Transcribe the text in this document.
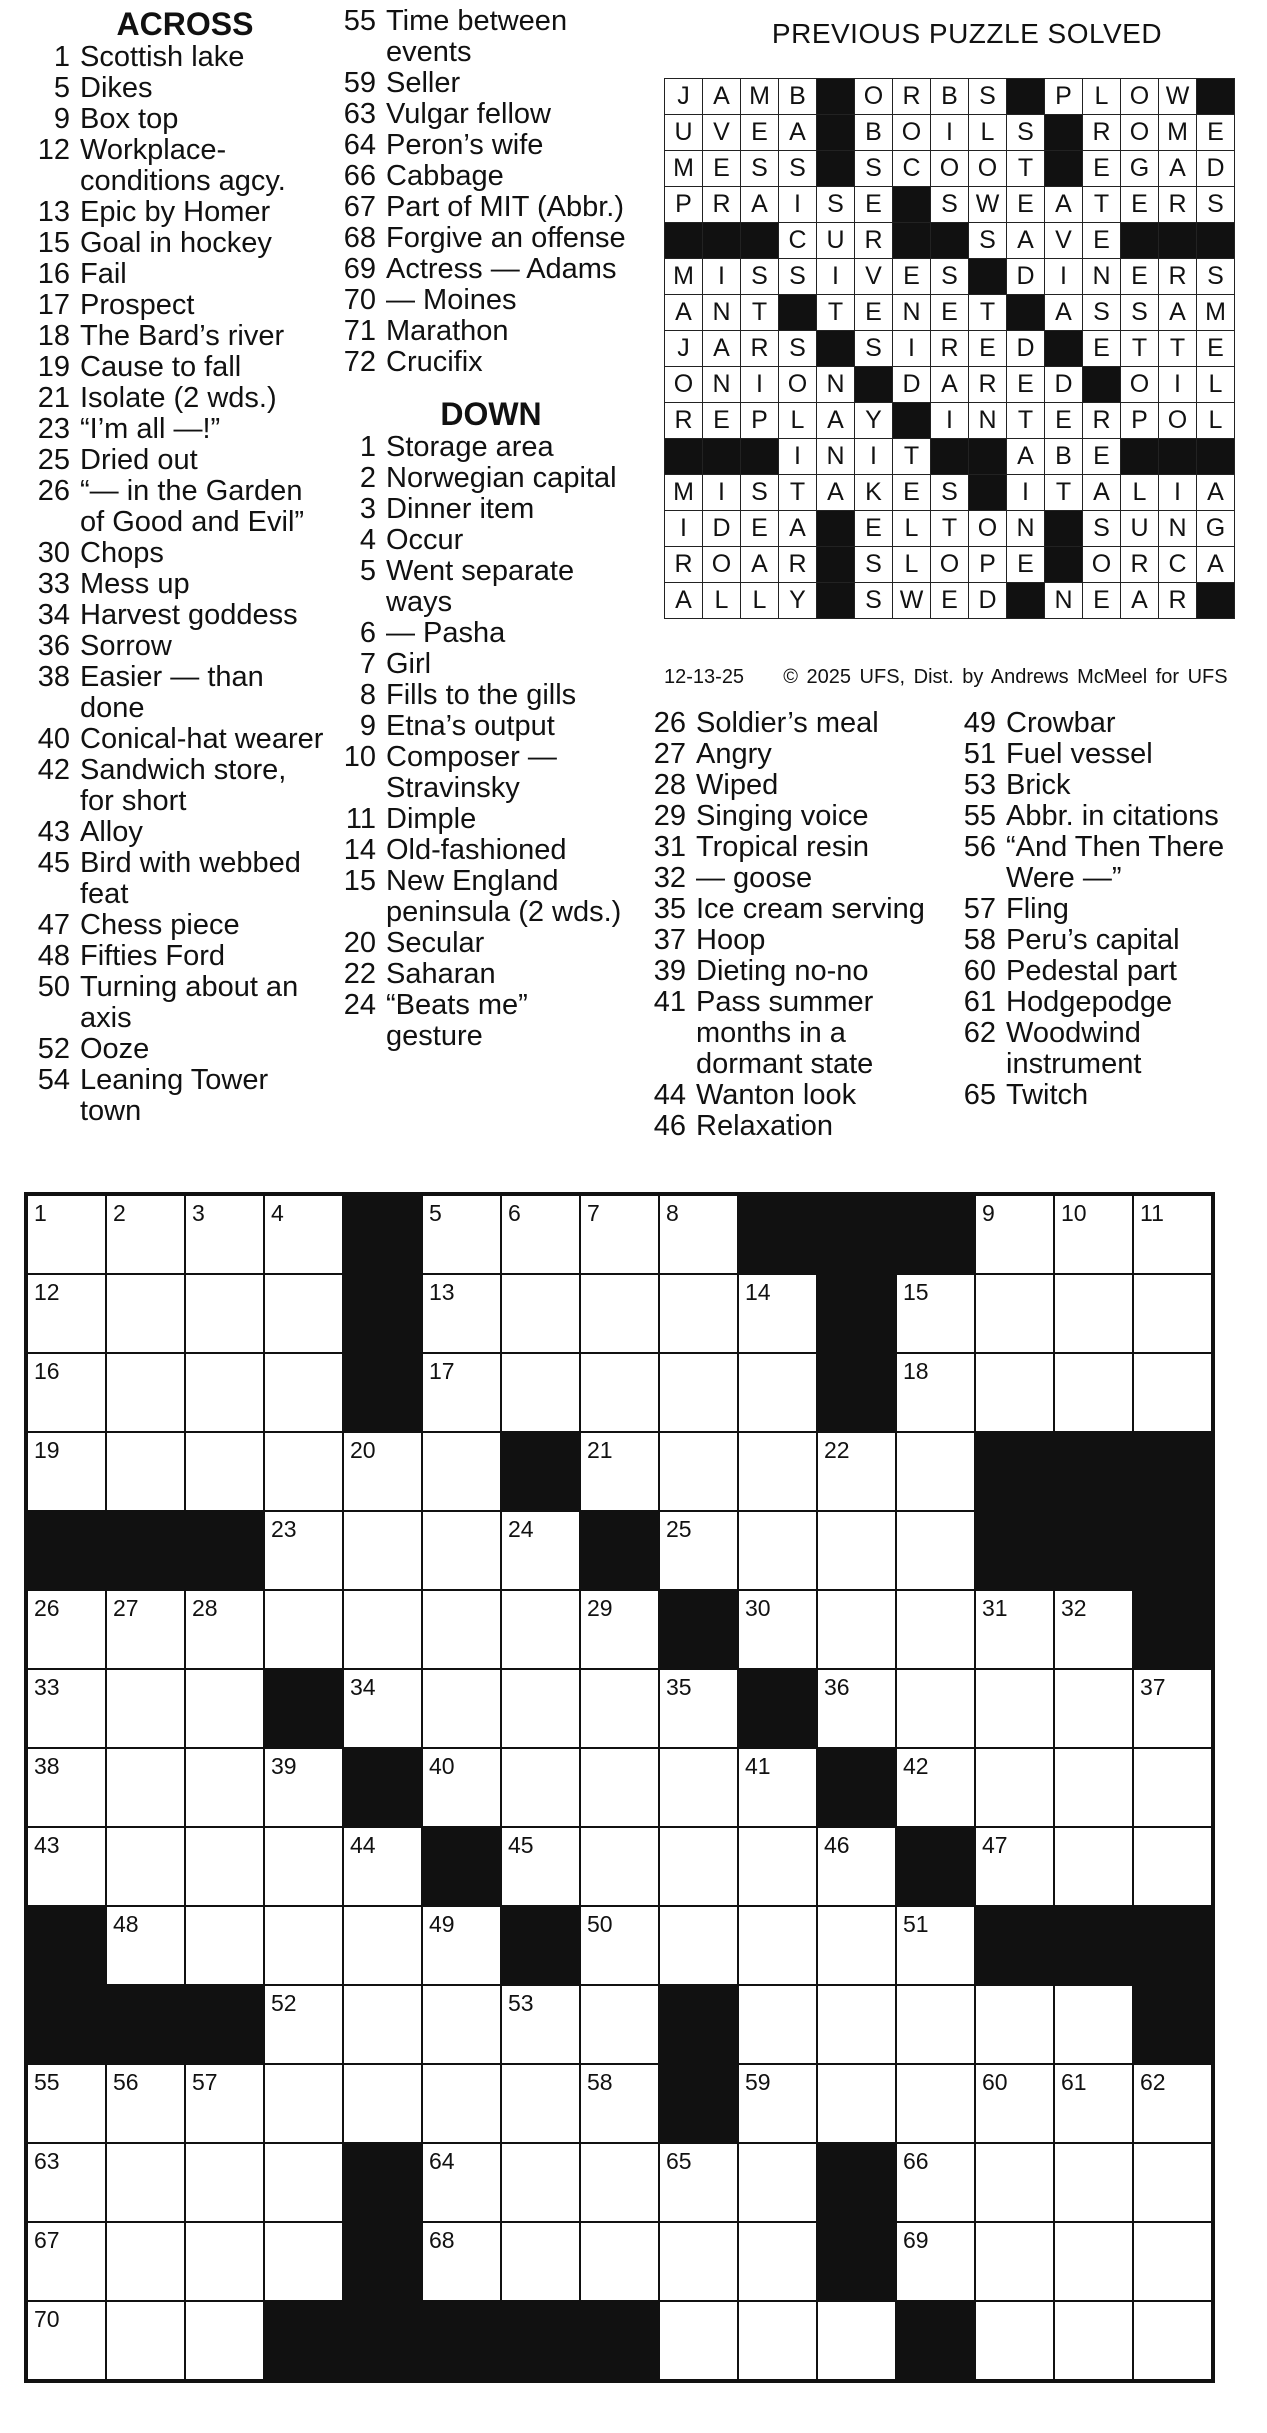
ACROSS
1 Scottish lake
5 Dikes
9 Box top
12 Workplace-conditions agcy.
13 Epic by Homer
15 Goal in hockey
16 Fail
17 Prospect
18 The Bard’s river
19 Cause to fall
21 Isolate (2 wds.)
23 “I’m all —!”
25 Dried out
26 “— in the Garden of Good and Evil”
30 Chops
33 Mess up
34 Harvest goddess
36 Sorrow
38 Easier — than done
40 Conical-hat wearer
42 Sandwich store, for short
43 Alloy
45 Bird with webbed feat
47 Chess piece
48 Fifties Ford
50 Turning about an axis
52 Ooze
54 Leaning Tower town
55 Time between events
59 Seller
63 Vulgar fellow
64 Peron’s wife
66 Cabbage
67 Part of MIT (Abbr.)
68 Forgive an offense
69 Actress — Adams
70 — Moines
71 Marathon
72 Crucifix
DOWN
1 Storage area
2 Norwegian capital
3 Dinner item
4 Occur
5 Went separate ways
6 — Pasha
7 Girl
8 Fills to the gills
9 Etna’s output
10 Composer — Stravinsky
11 Dimple
14 Old-fashioned
15 New England peninsula (2 wds.)
20 Secular
22 Saharan
24 “Beats me” gesture
PREVIOUS PUZZLE SOLVED
J	A	M	B		O	R	B	S		P	L	O	W	
U	V	E	A		B	O	I	L	S		R	O	M	E
M	E	S	S		S	C	O	O	T		E	G	A	D
P	R	A	I	S	E		S	W	E	A	T	E	R	S
			C	U	R			S	A	V	E			
M	I	S	S	I	V	E	S		D	I	N	E	R	S
A	N	T		T	E	N	E	T		A	S	S	A	M
J	A	R	S		S	I	R	E	D		E	T	T	E
O	N	I	O	N		D	A	R	E	D		O	I	L
R	E	P	L	A	Y		I	N	T	E	R	P	O	L
			I	N	I	T			A	B	E			
M	I	S	T	A	K	E	S		I	T	A	L	I	A
I	D	E	A		E	L	T	O	N		S	U	N	G
R	O	A	R		S	L	O	P	E		O	R	C	A
A	L	L	Y		S	W	E	D		N	E	A	R	
12-13-25 © 2025 UFS, Dist. by Andrews McMeel for UFS
26 Soldier’s meal
27 Angry
28 Wiped
29 Singing voice
31 Tropical resin
32 — goose
35 Ice cream serving
37 Hoop
39 Dieting no-no
41 Pass summer months in a dormant state
44 Wanton look
46 Relaxation
49 Crowbar
51 Fuel vessel
53 Brick
55 Abbr. in citations
56 “And Then There Were —”
57 Fling
58 Peru’s capital
60 Pedestal part
61 Hodgepodge
62 Woodwind instrument
65 Twitch
1	2	3	4		5	6	7	8				9	10	11

12					13				14		15			

16					17						18			

19				20			21			22				

			23			24		25						

26	27	28					29		30			31	32	

33				34				35		36				37

38			39		40				41		42			

43				44		45				46		47		

	48				49		50				51			

			52			53								

55	56	57					58		59			60	61	62

63					64			65			66			

67					68						69			

70														
